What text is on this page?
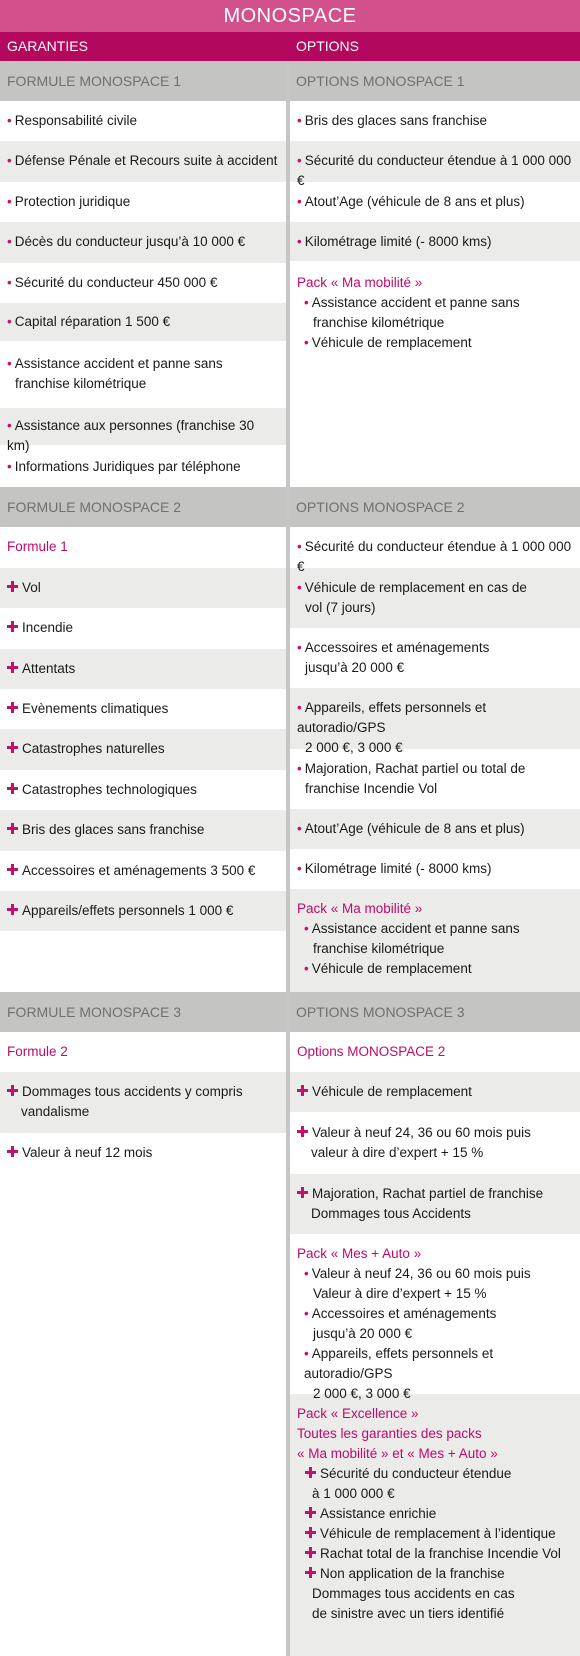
MONOSPACE
GARANTIES	OPTIONS
FORMULE MONOSPACE 1
• Responsabilité civile
• Défense Pénale et Recours suite à accident
• Protection juridique
• Décès du conducteur jusqu’à 10 000 €
• Sécurité du conducteur 450 000 €
• Capital réparation 1 500 €
• Assistance accident et panne sans
franchise kilométrique
• Assistance aux personnes (franchise 30 km)
• Informations Juridiques par téléphone
OPTIONS MONOSPACE 1
• Bris des glaces sans franchise
• Sécurité du conducteur étendue à 1 000 000 €
• Atout’Age (véhicule de 8 ans et plus)
• Kilométrage limité (- 8000 kms)
Pack « Ma mobilité »
• Assistance accident et panne sans
franchise kilométrique
• Véhicule de remplacement
FORMULE MONOSPACE 2
Formule 1
Vol
Incendie
Attentats
Evènements climatiques
Catastrophes naturelles
Catastrophes technologiques
Bris des glaces sans franchise
Accessoires et aménagements 3 500 €
Appareils/effets personnels 1 000 €
OPTIONS MONOSPACE 2
• Sécurité du conducteur étendue à 1 000 000 €
• Véhicule de remplacement en cas de
vol (7 jours)
• Accessoires et aménagements
jusqu’à 20 000 €
• Appareils, effets personnels et autoradio/GPS
2 000 €, 3 000 €
• Majoration, Rachat partiel ou total de
franchise Incendie Vol
• Atout’Age (véhicule de 8 ans et plus)
• Kilométrage limité (- 8000 kms)
Pack « Ma mobilité »
• Assistance accident et panne sans
franchise kilométrique
• Véhicule de remplacement
FORMULE MONOSPACE 3
Formule 2
Dommages tous accidents y compris
vandalisme
Valeur à neuf 12 mois
OPTIONS MONOSPACE 3
Options MONOSPACE 2
Véhicule de remplacement
Valeur à neuf 24, 36 ou 60 mois puis
valeur à dire d’expert + 15 %
Majoration, Rachat partiel de franchise
Dommages tous Accidents
Pack « Mes + Auto »
• Valeur à neuf 24, 36 ou 60 mois puis
Valeur à dire d’expert + 15 %
• Accessoires et aménagements
jusqu’à 20 000 €
• Appareils, effets personnels et autoradio/GPS
2 000 €, 3 000 €
Pack « Excellence »
Toutes les garanties des packs
« Ma mobilité » et « Mes + Auto »
Sécurité du conducteur étendue
à 1 000 000 €
Assistance enrichie
Véhicule de remplacement à l’identique
Rachat total de la franchise Incendie Vol
Non application de la franchise
Dommages tous accidents en cas
de sinistre avec un tiers identifié
